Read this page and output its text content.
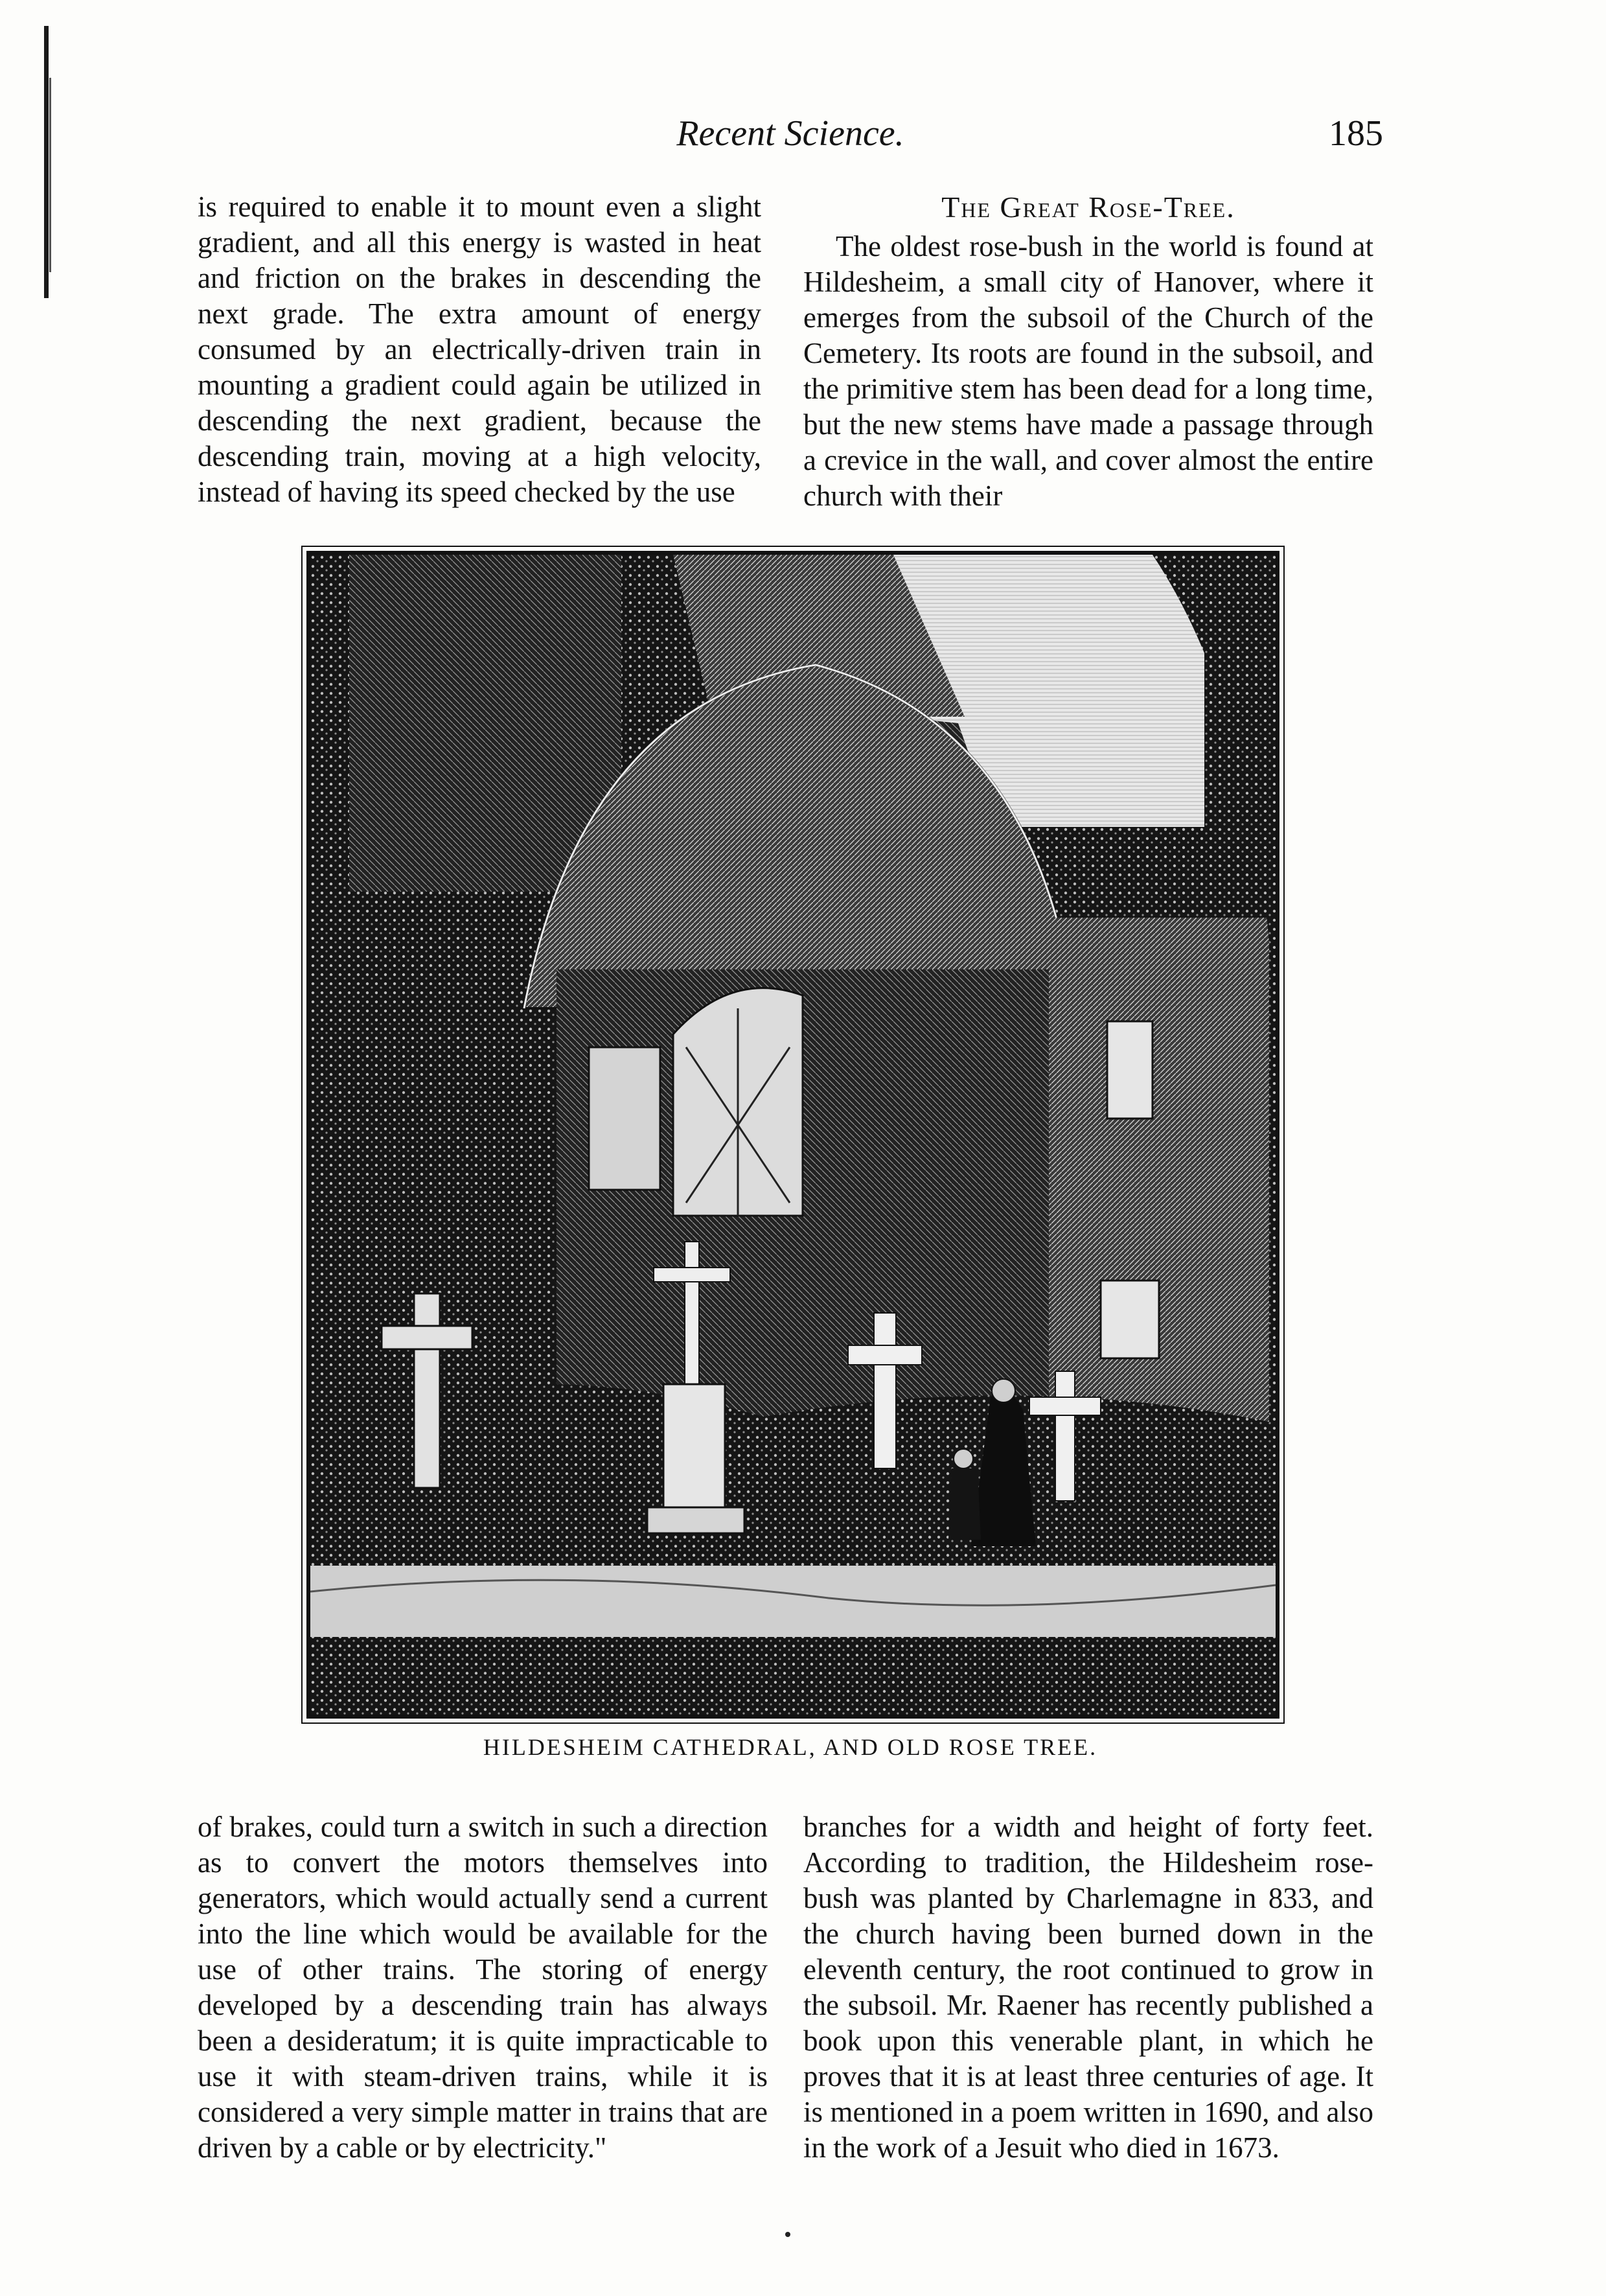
Recent Science.	185

is required to enable it to mount even a slight gradient, and all this energy is wasted in heat and friction on the brakes in descending the next grade. The extra amount of energy consumed by an electrically-driven train in mounting a gradient could again be utilized in descending the next gradient, because the descending train, moving at a high velocity, instead of having its speed checked by the use

The Great Rose-Tree.

The oldest rose-bush in the world is found at Hildesheim, a small city of Hanover, where it emerges from the subsoil of the Church of the Cemetery. Its roots are found in the subsoil, and the primitive stem has been dead for a long time, but the new stems have made a passage through a crevice in the wall, and cover almost the entire church with their

HILDESHEIM CATHEDRAL, AND OLD ROSE TREE.

of brakes, could turn a switch in such a direction as to convert the motors themselves into generators, which would actually send a current into the line which would be available for the use of other trains. The storing of energy developed by a descending train has always been a desideratum; it is quite impracticable to use it with steam-driven trains, while it is considered a very simple matter in trains that are driven by a cable or by electricity."

branches for a width and height of forty feet. According to tradition, the Hildesheim rose-bush was planted by Charlemagne in 833, and the church having been burned down in the eleventh century, the root continued to grow in the subsoil. Mr. Raener has recently published a book upon this venerable plant, in which he proves that it is at least three centuries of age. It is mentioned in a poem written in 1690, and also in the work of a Jesuit who died in 1673.
